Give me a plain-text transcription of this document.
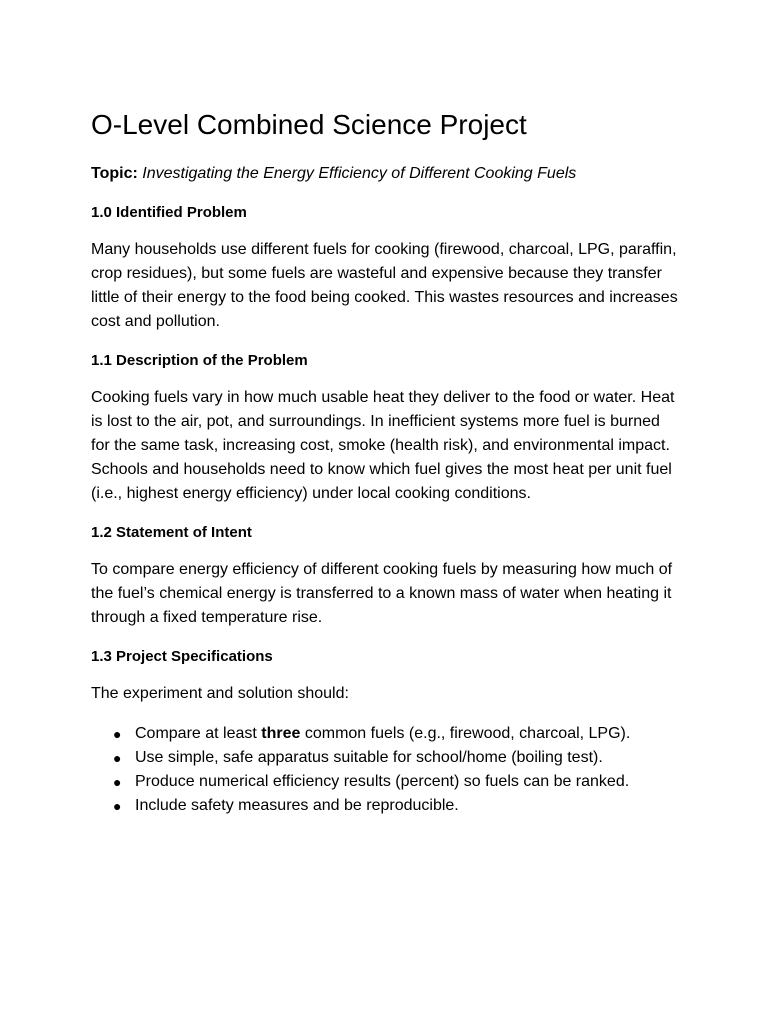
O-Level Combined Science Project

Topic: Investigating the Energy Efficiency of Different Cooking Fuels

1.0 Identified Problem

Many households use different fuels for cooking (firewood, charcoal, LPG, paraffin, crop residues), but some fuels are wasteful and expensive because they transfer little of their energy to the food being cooked. This wastes resources and increases cost and pollution.

1.1 Description of the Problem

Cooking fuels vary in how much usable heat they deliver to the food or water. Heat is lost to the air, pot, and surroundings. In inefficient systems more fuel is burned for the same task, increasing cost, smoke (health risk), and environmental impact. Schools and households need to know which fuel gives the most heat per unit fuel (i.e., highest energy efficiency) under local cooking conditions.

1.2 Statement of Intent

To compare energy efficiency of different cooking fuels by measuring how much of the fuel’s chemical energy is transferred to a known mass of water when heating it through a fixed temperature rise.

1.3 Project Specifications

The experiment and solution should:

● Compare at least three common fuels (e.g., firewood, charcoal, LPG).
● Use simple, safe apparatus suitable for school/home (boiling test).
● Produce numerical efficiency results (percent) so fuels can be ranked.
● Include safety measures and be reproducible.
